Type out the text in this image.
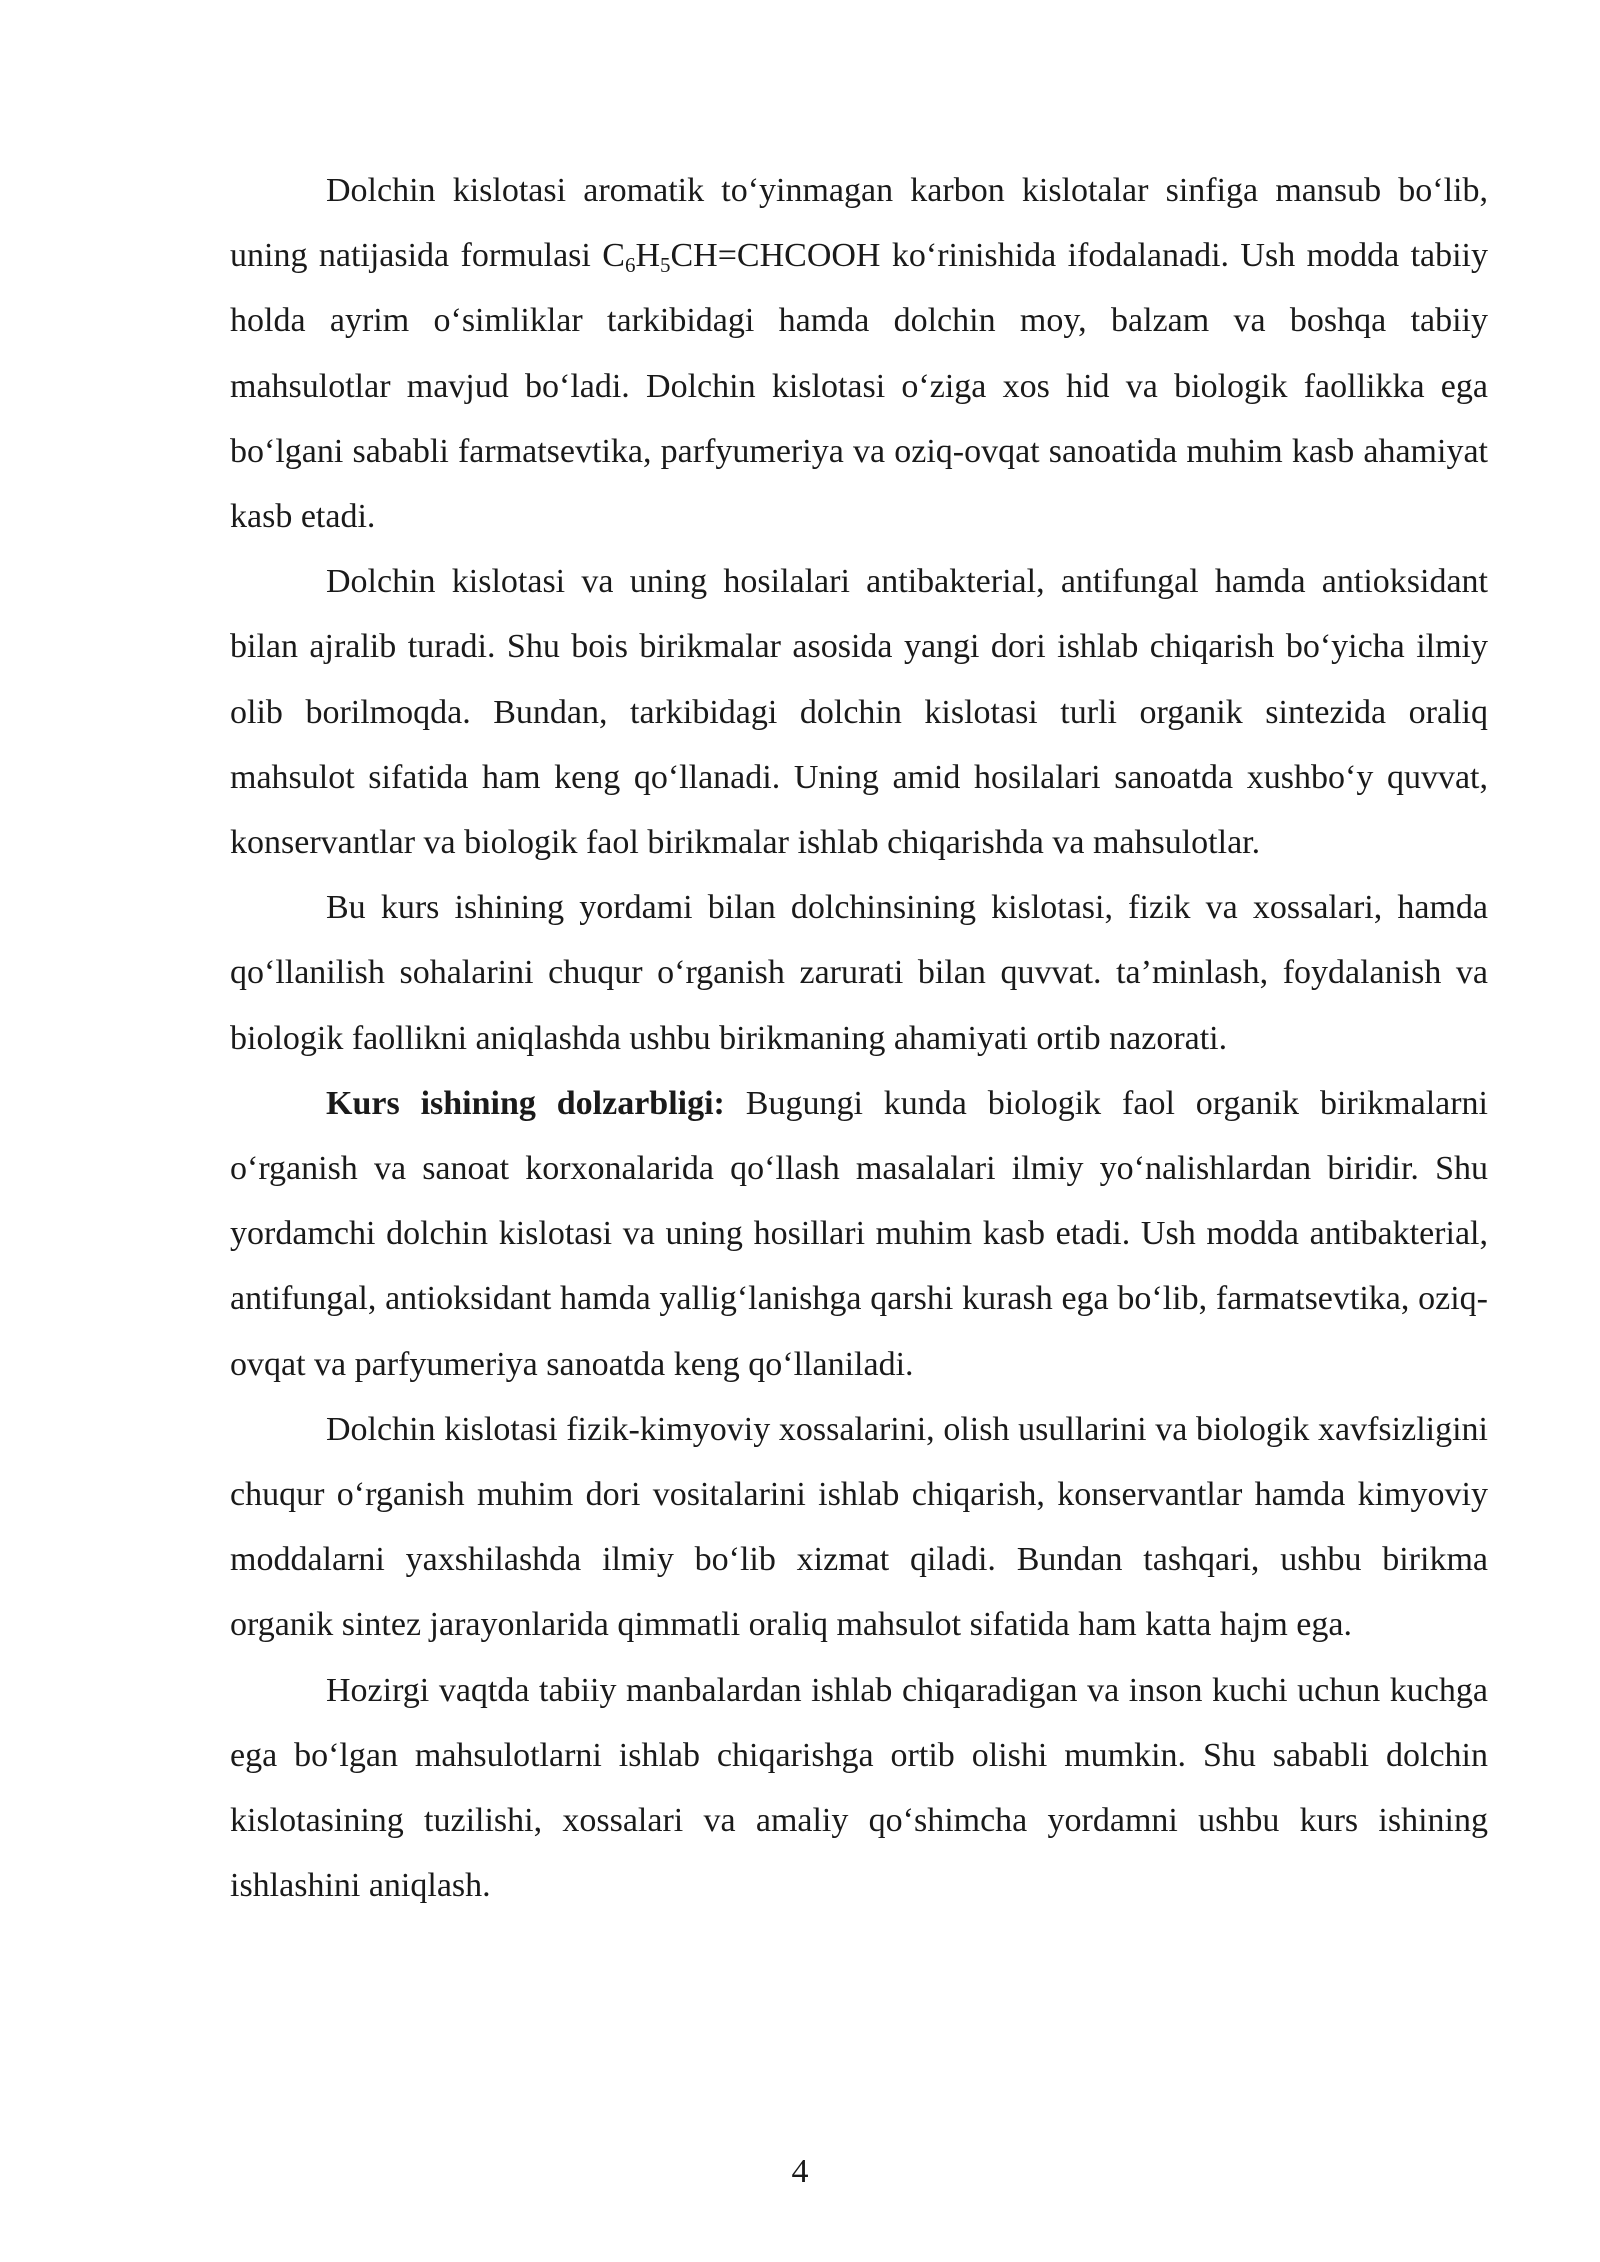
Dolchin kislotasi aromatik to‘yinmagan karbon kislotalar sinfiga mansub bo‘lib, uning natijasida formulasi $C_6H_5CH=CHCOOH$ ko‘rinishida ifodalanadi. Ush modda tabiiy holda ayrim o‘simliklar tarkibidagi hamda dolchin moy, balzam va boshqa tabiiy mahsulotlar mavjud bo‘ladi. Dolchin kislotasi o‘ziga xos hid va biologik faollikka ega bo‘lgani sababli farmatsevtika, parfyumeriya va oziq-ovqat sanoatida muhim kasb ahamiyat kasb etadi.

Dolchin kislotasi va uning hosilalari antibakterial, antifungal hamda antioksidant bilan ajralib turadi. Shu bois birikmalar asosida yangi dori ishlab chiqarish bo‘yicha ilmiy olib borilmoqda. Bundan, tarkibidagi dolchin kislotasi turli organik sintezida oraliq mahsulot sifatida ham keng qo‘llanadi. Uning amid hosilalari sanoatda xushbo‘y quvvat, konservantlar va biologik faol birikmalar ishlab chiqarishda va mahsulotlar.

Bu kurs ishining yordami bilan dolchinsining kislotasi, fizik va xossalari, hamda qo‘llanilish sohalarini chuqur o‘rganish zarurati bilan quvvat. ta’minlash, foydalanish va biologik faollikni aniqlashda ushbu birikmaning ahamiyati ortib nazorati.

Kurs ishining dolzarbligi: Bugungi kunda biologik faol organik birikmalarni o‘rganish va sanoat korxonalarida qo‘llash masalalari ilmiy yo‘nalishlardan biridir. Shu yordamchi dolchin kislotasi va uning hosillari muhim kasb etadi. Ush modda antibakterial, antifungal, antioksidant hamda yallig‘lanishga qarshi kurash ega bo‘lib, farmatsevtika, oziq-ovqat va parfyumeriya sanoatda keng qo‘llaniladi.

Dolchin kislotasi fizik-kimyoviy xossalarini, olish usullarini va biologik xavfsizligini chuqur o‘rganish muhim dori vositalarini ishlab chiqarish, konservantlar hamda kimyoviy moddalarni yaxshilashda ilmiy bo‘lib xizmat qiladi. Bundan tashqari, ushbu birikma organik sintez jarayonlarida qimmatli oraliq mahsulot sifatida ham katta hajm ega.

Hozirgi vaqtda tabiiy manbalardan ishlab chiqaradigan va inson kuchi uchun kuchga ega bo‘lgan mahsulotlarni ishlab chiqarishga ortib olishi mumkin. Shu sababli dolchin kislotasining tuzilishi, xossalari va amaliy qo‘shimcha yordamni ushbu kurs ishining ishlashini aniqlash.

4
